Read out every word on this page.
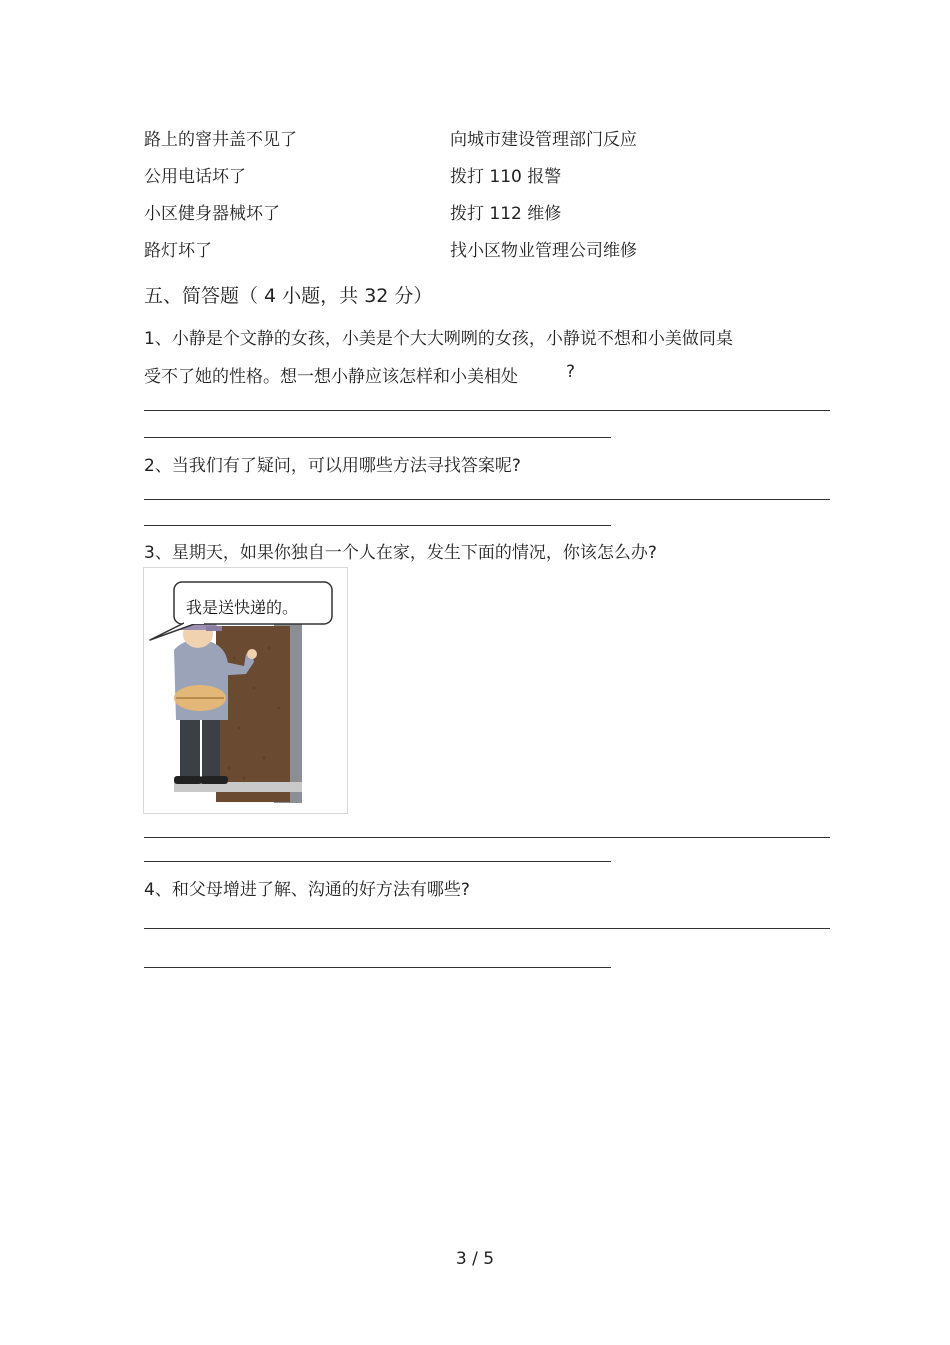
路上的窨井盖不见了	向城市建设管理部门反应
公用电话坏了	拨打 110 报警
小区健身器械坏了	拨打 112 维修
路灯坏了	找小区物业管理公司维修
五、简答题（ 4 小题，共 32 分）
1、小静是个文静的女孩，小美是个大大咧咧的女孩，小静说不想和小美做同桌
受不了她的性格。想一想小静应该怎样和小美相处	?
2、当我们有了疑问，可以用哪些方法寻找答案呢?
3、星期天，如果你独自一个人在家，发生下面的情况，你该怎么办?
我是送快递的。
4、和父母增进了解、沟通的好方法有哪些?
3 / 5
